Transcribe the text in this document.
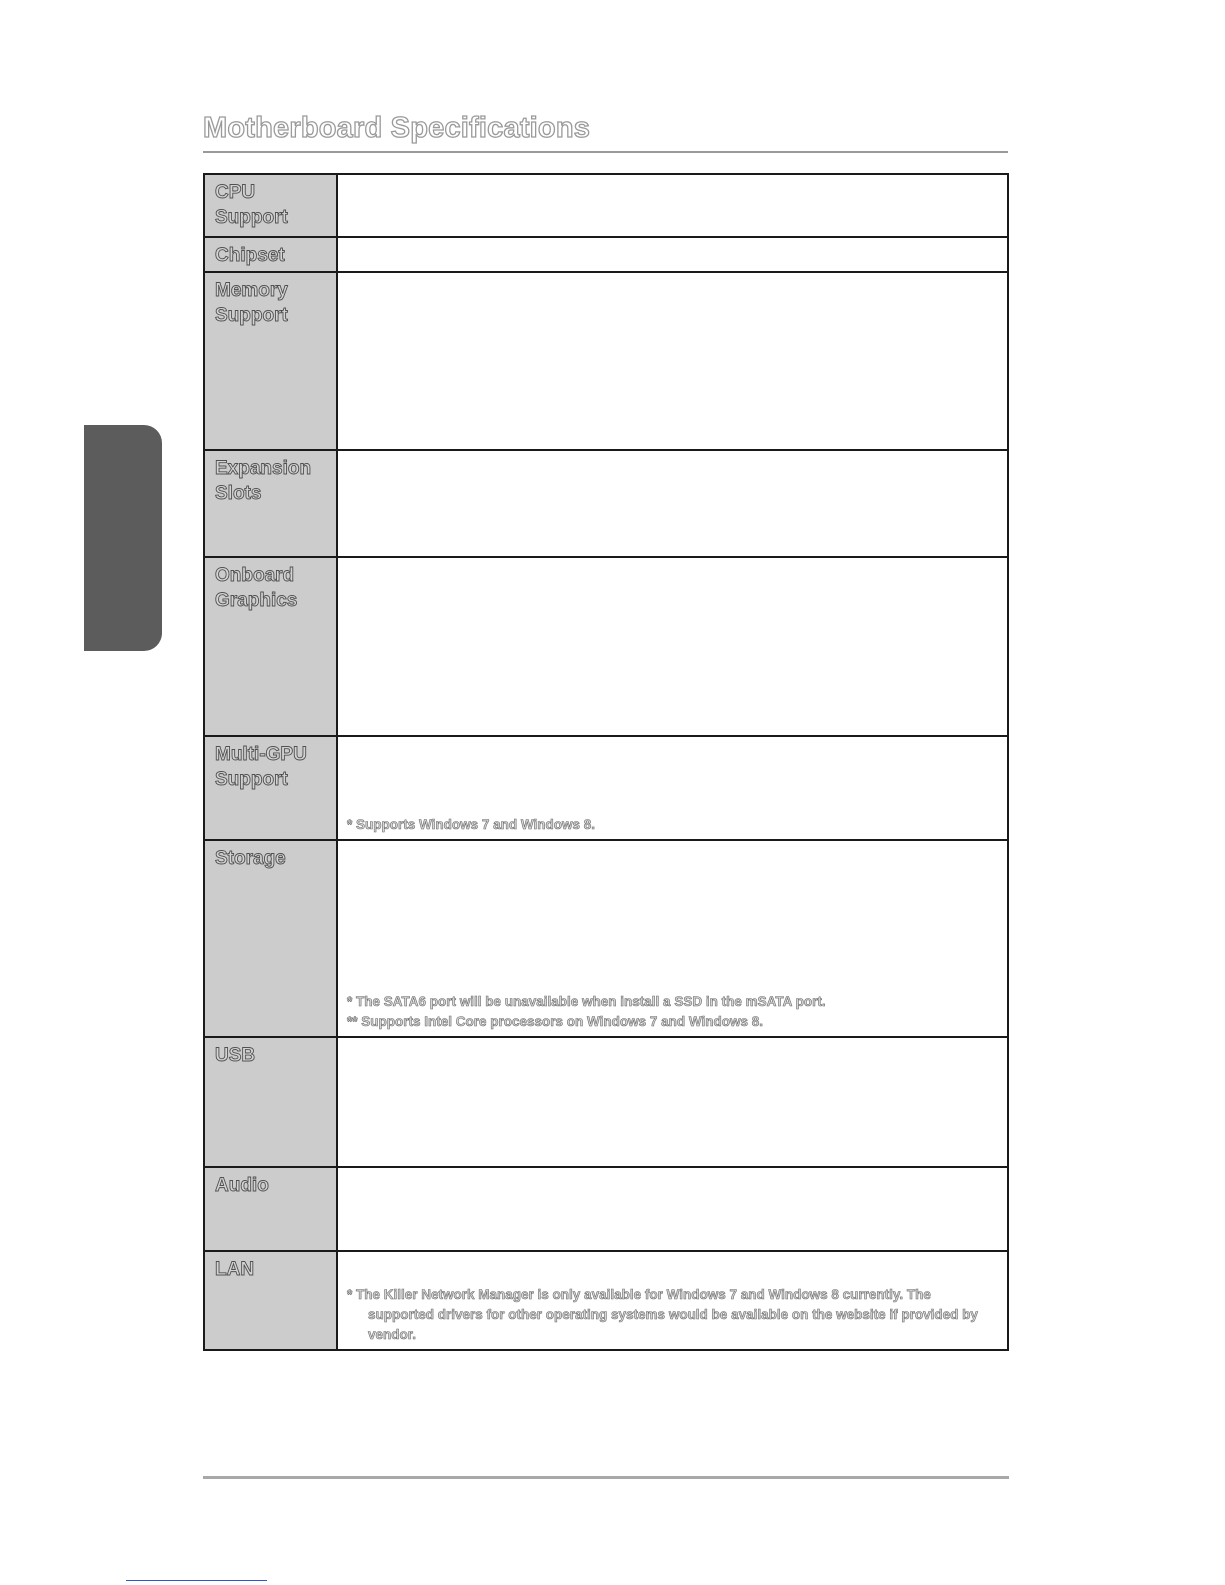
Motherboard Specifications
CPU Support	

Chipset	

Memory Support	

Expansion Slots	

Onboard Graphics	

Multi-GPU Support	* Supports Windows 7 and Windows 8.

Storage	* The SATA6 port will be unavailable when install a SSD in the mSATA port.

** Supports Intel Core processors on Windows 7 and Windows 8.

USB	

Audio	

LAN	* The Killer Network Manager is only available for Windows 7 and Windows 8 currently. The supported drivers for other operating systems would be available on the website if provided by vendor.
